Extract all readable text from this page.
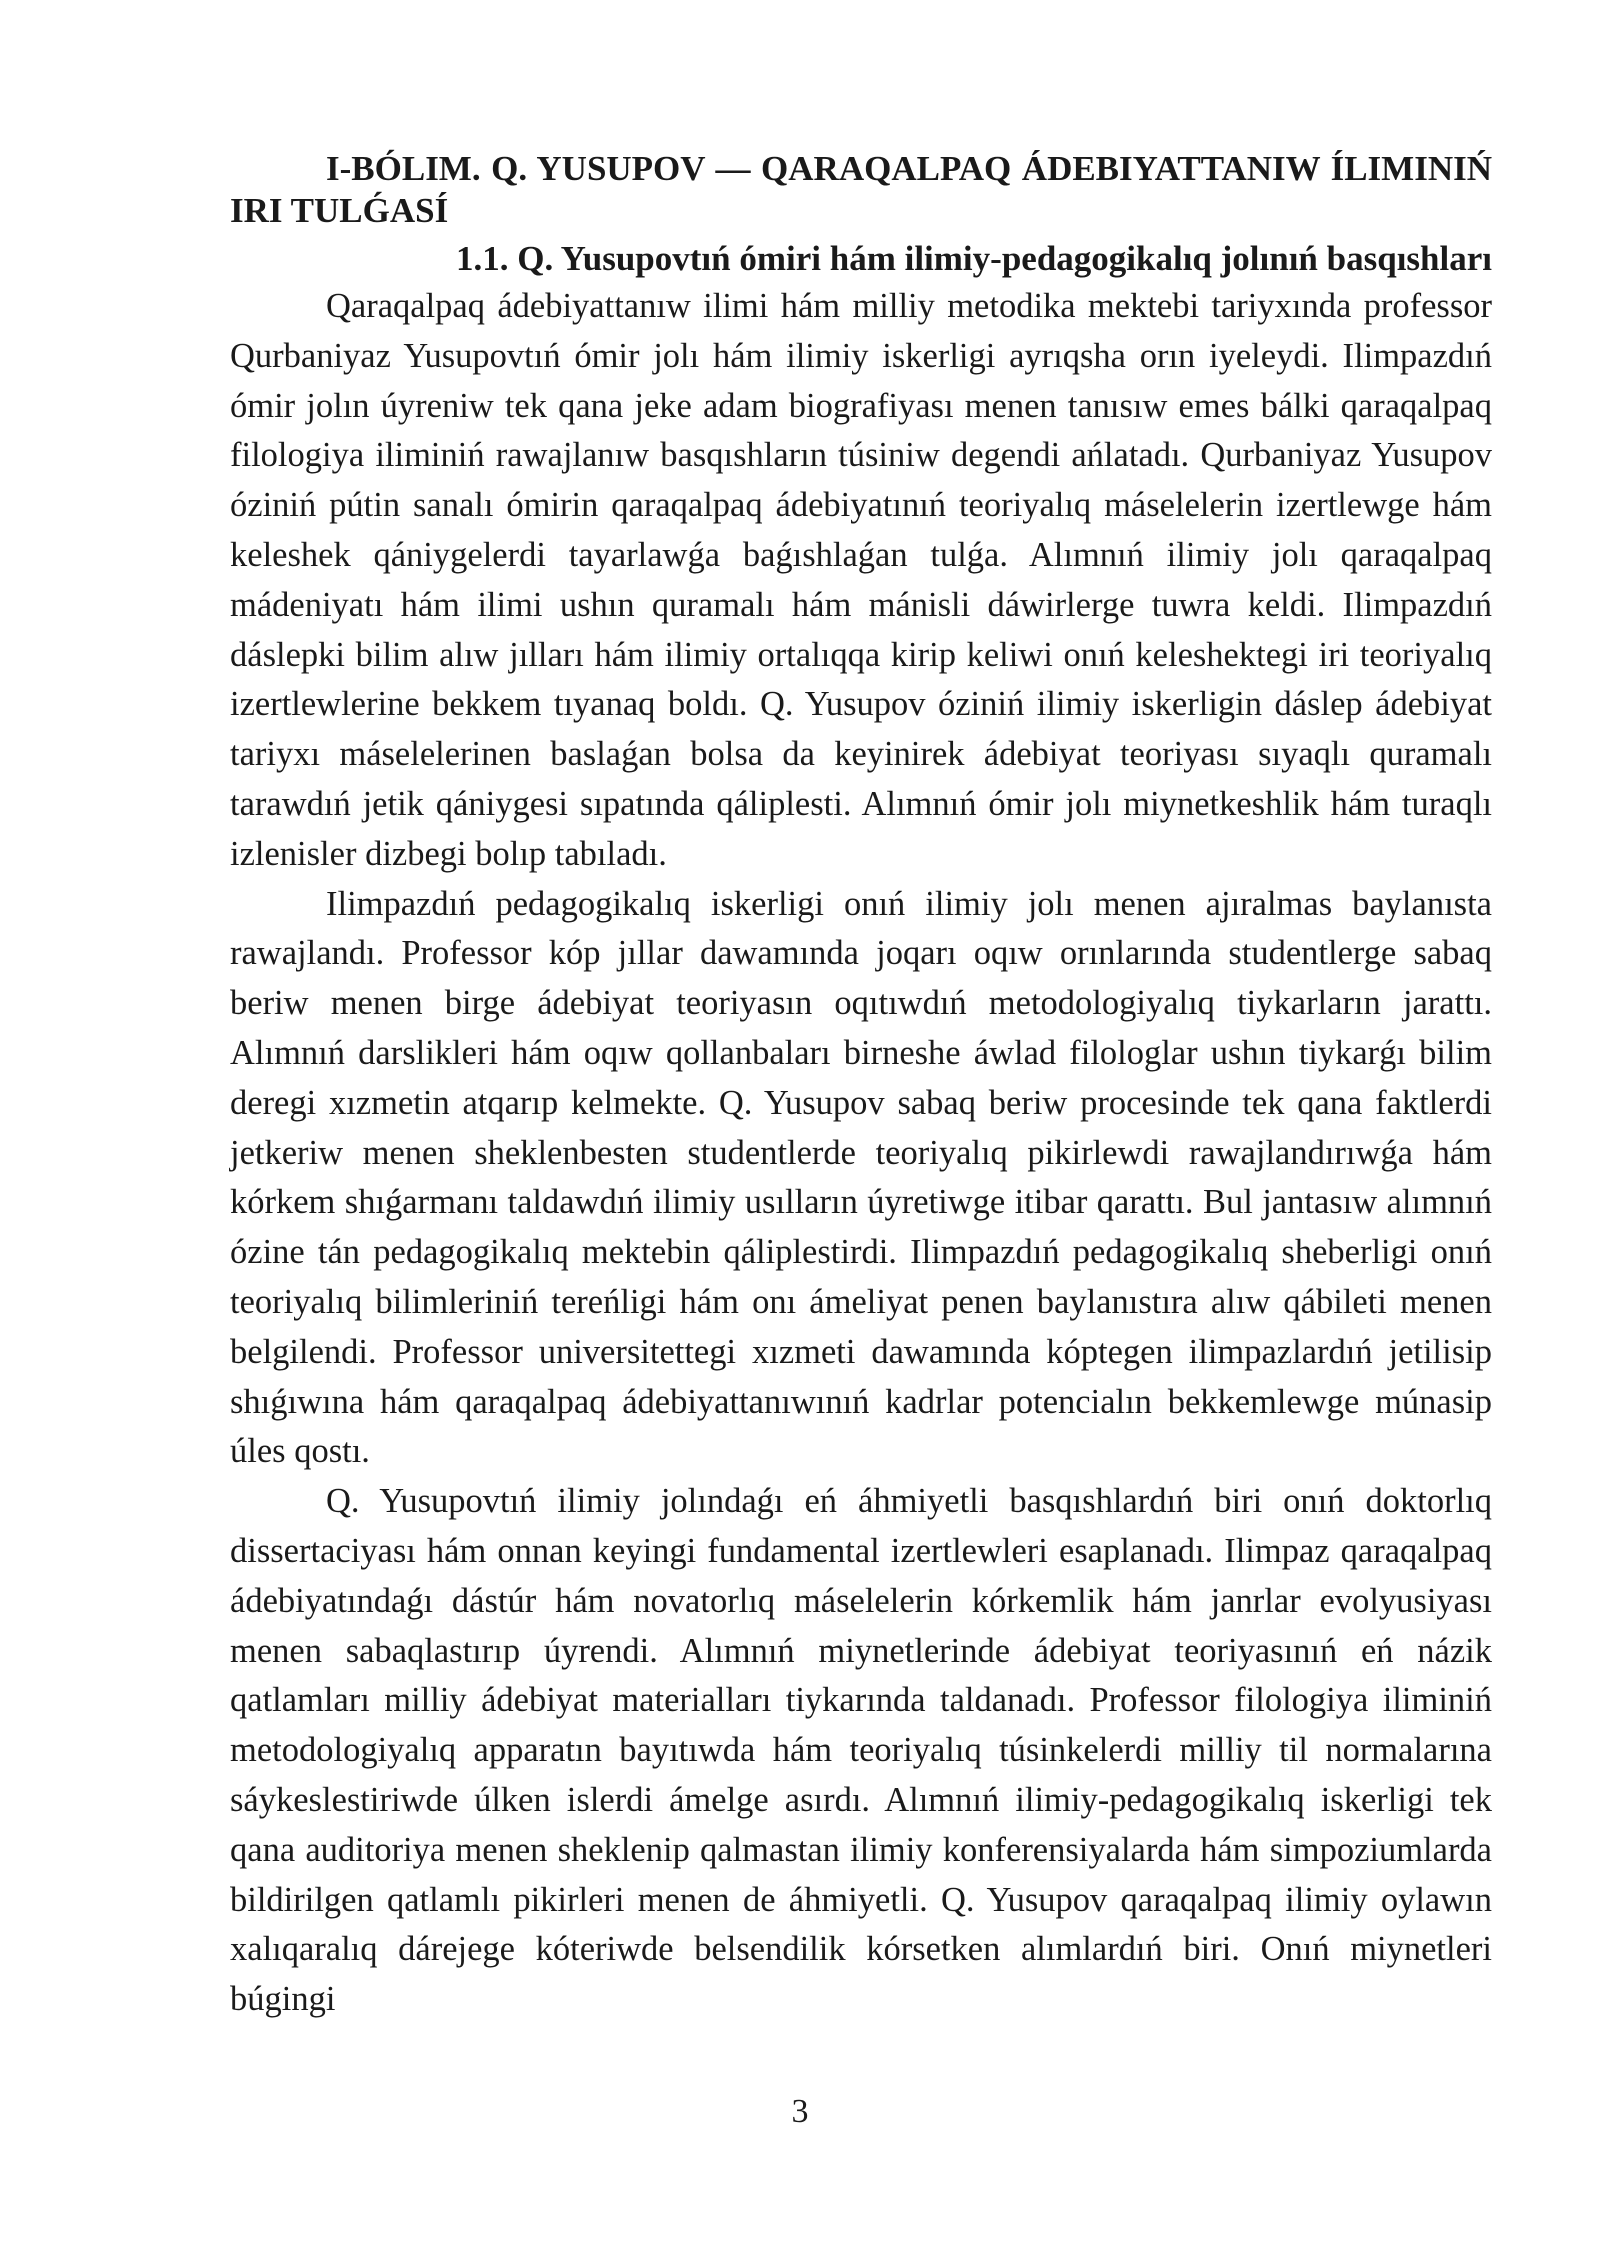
I-BÓLIM. Q. YUSUPOV — QARAQALPAQ ÁDEBIYATTANIW ÍLIMINIŃ IRI TULǴASÍ
1.1. Q. Yusupovtıń ómiri hám ilimiy-pedagogikalıq jolınıń basqıshları

Qaraqalpaq ádebiyattanıw ilimi hám milliy metodika mektebi tariyxında professor Qurbaniyaz Yusupovtıń ómir jolı hám ilimiy iskerligi ayrıqsha orın iyeleydi. Ilimpazdıń ómir jolın úyreniw tek qana jeke adam biografiyası menen tanısıw emes bálki qaraqalpaq filologiya iliminiń rawajlanıw basqıshların túsiniw degendi ańlatadı. Qurbaniyaz Yusupov óziniń pútin sanalı ómirin qaraqalpaq ádebiyatınıń teoriyalıq máselelerin izertlewge hám keleshek qániygelerdi tayarlawǵa baǵıshlaǵan tulǵa. Alımnıń ilimiy jolı qaraqalpaq mádeniyatı hám ilimi ushın quramalı hám mánisli dáwirlerge tuwra keldi. Ilimpazdıń dáslepki bilim alıw jılları hám ilimiy ortalıqqa kirip keliwi onıń keleshektegi iri teoriyalıq izertlewlerine bekkem tıyanaq boldı. Q. Yusupov óziniń ilimiy iskerligin dáslep ádebiyat tariyxı máselelerinen baslaǵan bolsa da keyinirek ádebiyat teoriyası sıyaqlı quramalı tarawdıń jetik qániygesi sıpatında qáliplesti. Alımnıń ómir jolı miynetkeshlik hám turaqlı izlenisler dizbegi bolıp tabıladı.

Ilimpazdıń pedagogikalıq iskerligi onıń ilimiy jolı menen ajıralmas baylanısta rawajlandı. Professor kóp jıllar dawamında joqarı oqıw orınlarında studentlerge sabaq beriw menen birge ádebiyat teoriyasın oqıtıwdıń metodologiyalıq tiykarların jarattı. Alımnıń darslikleri hám oqıw qollanbaları birneshe áwlad filologlar ushın tiykarǵı bilim deregi xızmetin atqarıp kelmekte. Q. Yusupov sabaq beriw procesinde tek qana faktlerdi jetkeriw menen sheklenbesten studentlerde teoriyalıq pikirlewdi rawajlandırıwǵa hám kórkem shıǵarmanı taldawdıń ilimiy usılların úyretiwge itibar qarattı. Bul jantasıw alımnıń ózine tán pedagogikalıq mektebin qáliplestirdi. Ilimpazdıń pedagogikalıq sheberligi onıń teoriyalıq bilimleriniń tereńligi hám onı ámeliyat penen baylanıstıra alıw qábileti menen belgilendi. Professor universitettegi xızmeti dawamında kóptegen ilimpazlardıń jetilisip shıǵıwına hám qaraqalpaq ádebiyattanıwınıń kadrlar potencialın bekkemlewge múnasip úles qostı.

Q. Yusupovtıń ilimiy jolındaǵı eń áhmiyetli basqıshlardıń biri onıń doktorlıq dissertaciyası hám onnan keyingi fundamental izertlewleri esaplanadı. Ilimpaz qaraqalpaq ádebiyatındaǵı dástúr hám novatorlıq máselelerin kórkemlik hám janrlar evolyusiyası menen sabaqlastırıp úyrendi. Alımnıń miynetlerinde ádebiyat teoriyasınıń eń názik qatlamları milliy ádebiyat materialları tiykarında taldanadı. Professor filologiya iliminiń metodologiyalıq apparatın bayıtıwda hám teoriyalıq túsinkelerdi milliy til normalarına sáykeslestiriwde úlken islerdi ámelge asırdı. Alımnıń ilimiy-pedagogikalıq iskerligi tek qana auditoriya menen sheklenip qalmastan ilimiy konferensiyalarda hám simpoziumlarda bildirilgen qatlamlı pikirleri menen de áhmiyetli. Q. Yusupov qaraqalpaq ilimiy oylawın xalıqaralıq dárejege kóteriwde belsendilik kórsetken alımlardıń biri. Onıń miynetleri búgingi

3
